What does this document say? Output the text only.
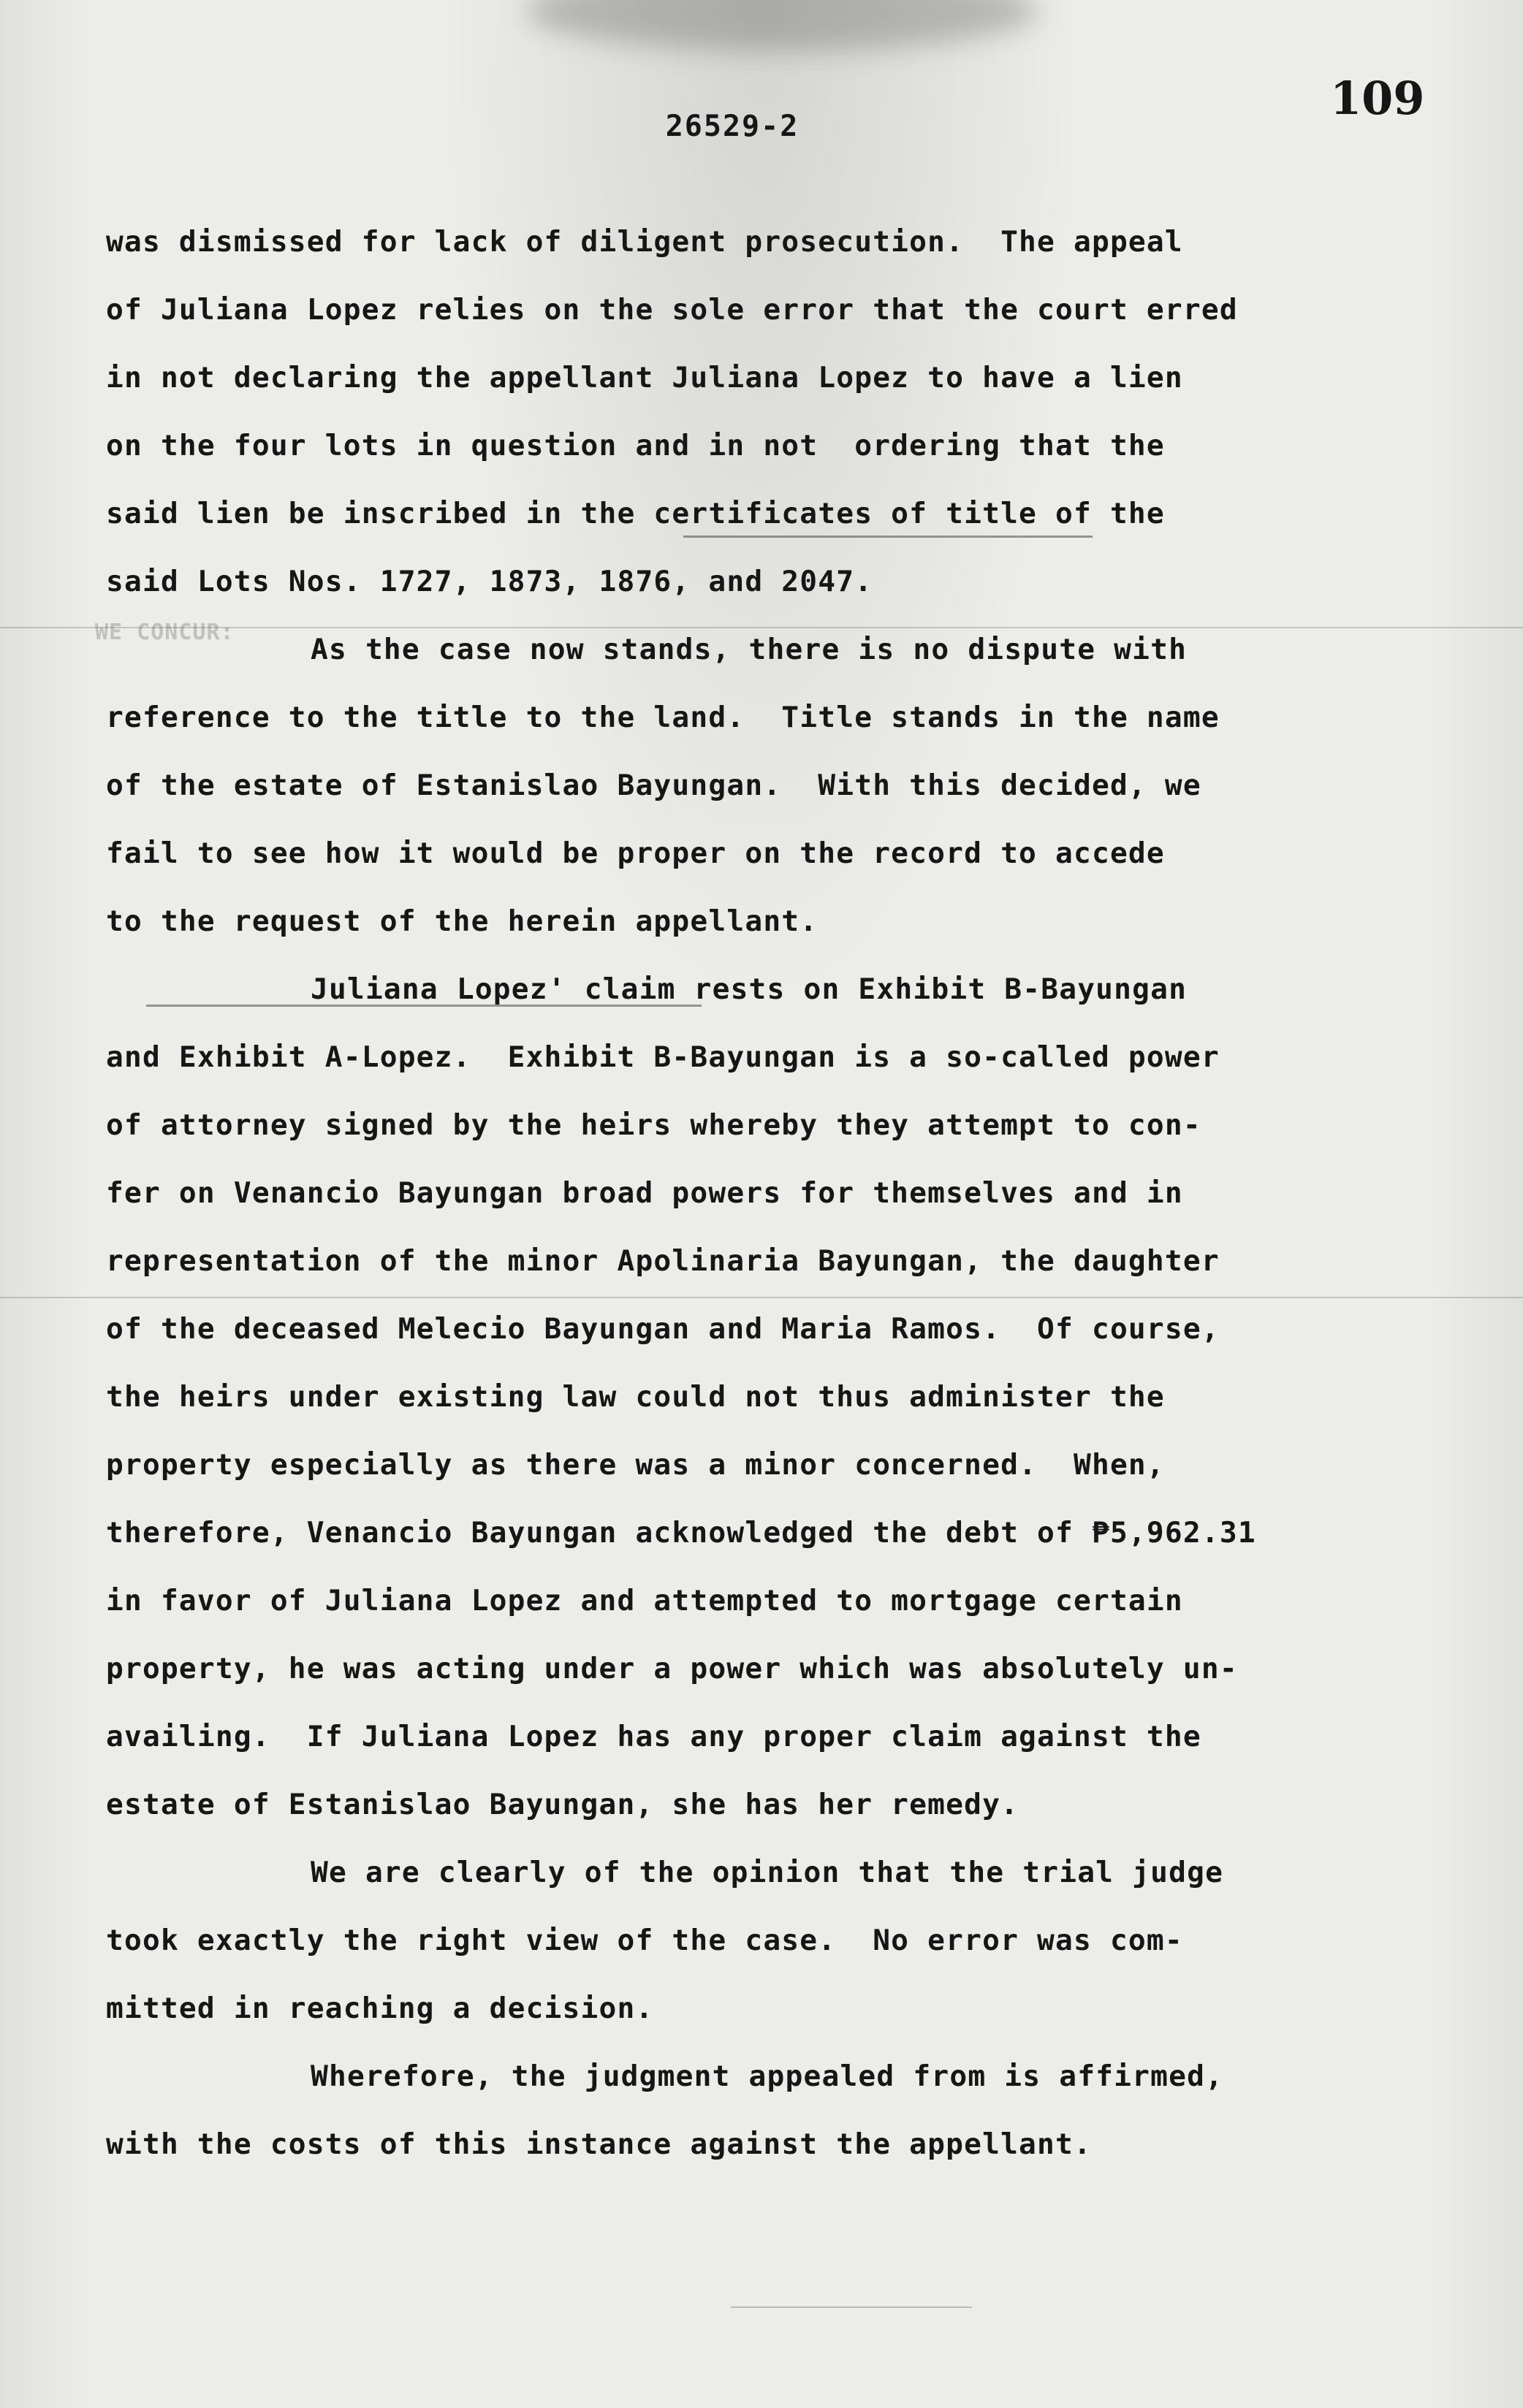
26529-2
109
WE CONCUR:
was dismissed for lack of diligent prosecution.  The appeal
of Juliana Lopez relies on the sole error that the court erred
in not declaring the appellant Juliana Lopez to have a lien
on the four lots in question and in not  ordering that the
said lien be inscribed in the certificates of title of the
said Lots Nos. 1727, 1873, 1876, and 2047.
As the case now stands, there is no dispute with
reference to the title to the land.  Title stands in the name
of the estate of Estanislao Bayungan.  With this decided, we
fail to see how it would be proper on the record to accede
to the request of the herein appellant.
Juliana Lopez' claim rests on Exhibit B-Bayungan
and Exhibit A-Lopez.  Exhibit B-Bayungan is a so-called power
of attorney signed by the heirs whereby they attempt to con-
fer on Venancio Bayungan broad powers for themselves and in
representation of the minor Apolinaria Bayungan, the daughter
of the deceased Melecio Bayungan and Maria Ramos.  Of course,
the heirs under existing law could not thus administer the
property especially as there was a minor concerned.  When,
therefore, Venancio Bayungan acknowledged the debt of ₱5,962.31
in favor of Juliana Lopez and attempted to mortgage certain
property, he was acting under a power which was absolutely un-
availing.  If Juliana Lopez has any proper claim against the
estate of Estanislao Bayungan, she has her remedy.
We are clearly of the opinion that the trial judge
took exactly the right view of the case.  No error was com-
mitted in reaching a decision.
Wherefore, the judgment appealed from is affirmed,
with the costs of this instance against the appellant.
